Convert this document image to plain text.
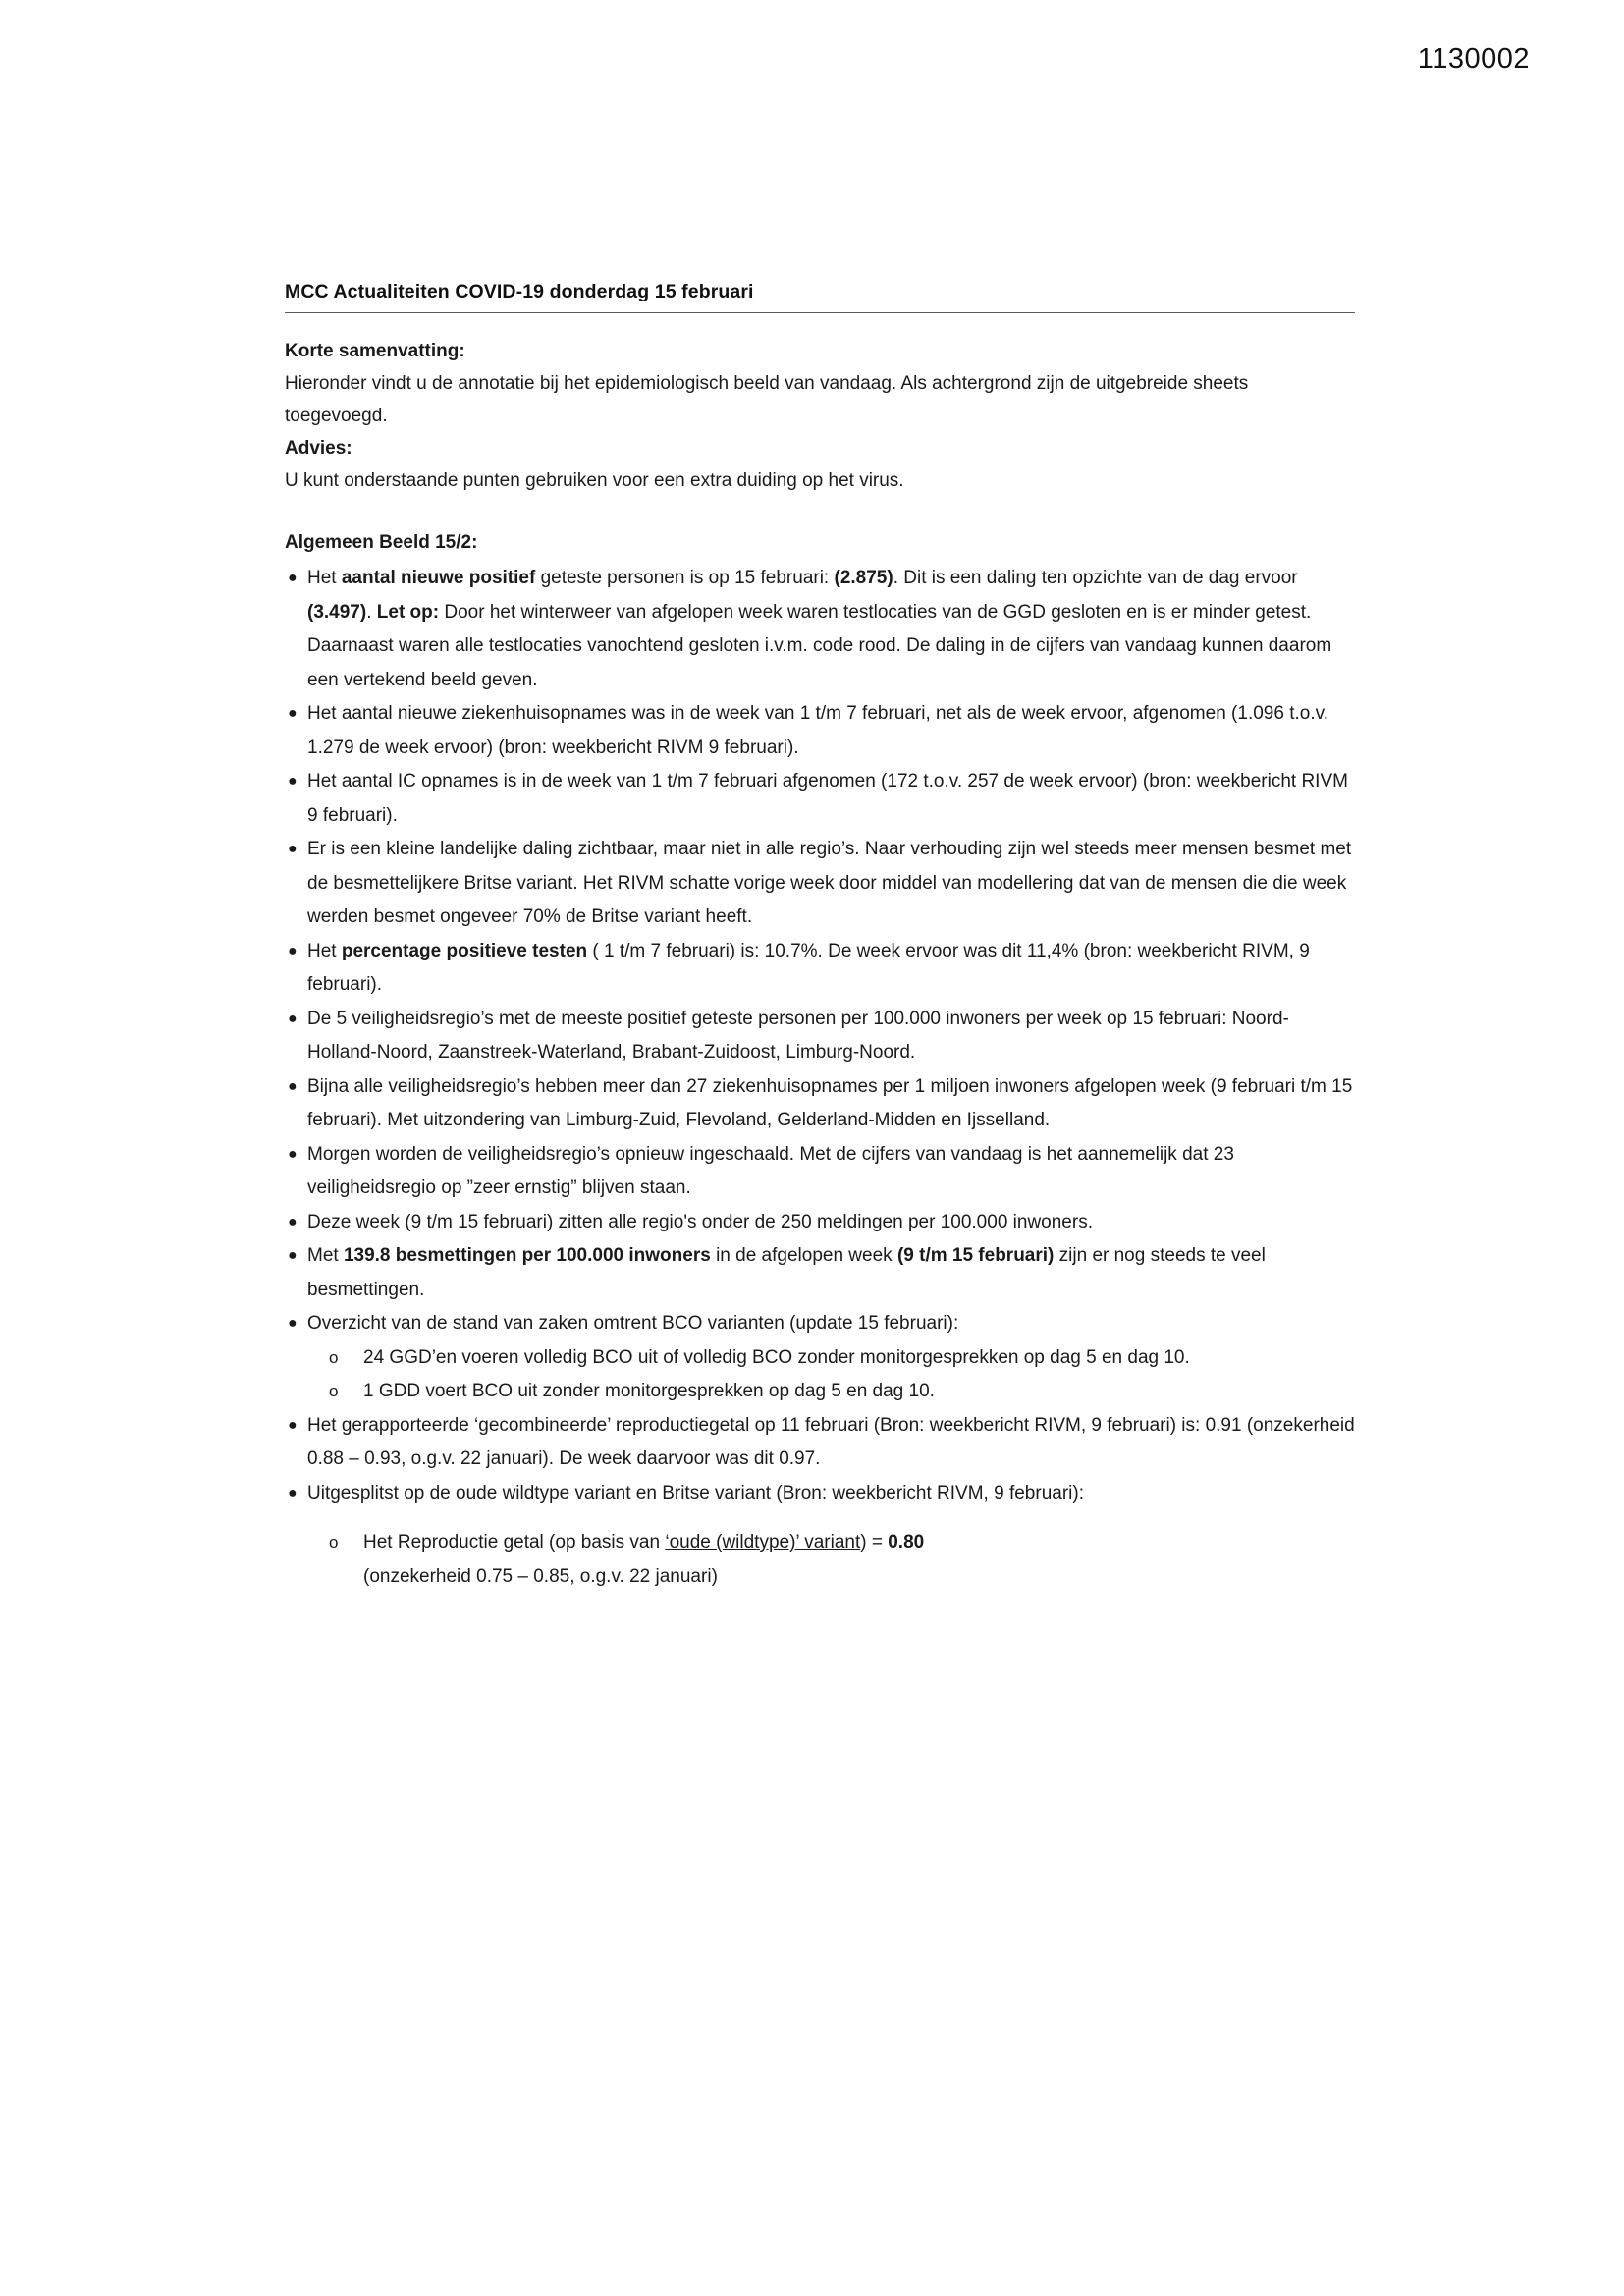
1130002
MCC Actualiteiten COVID-19 donderdag 15 februari
Korte samenvatting:

Hieronder vindt u de annotatie bij het epidemiologisch beeld van vandaag. Als achtergrond zijn de uitgebreide sheets toegevoegd.

Advies:

U kunt onderstaande punten gebruiken voor een extra duiding op het virus.

Algemeen Beeld 15/2:
● Het aantal nieuwe positief geteste personen is op 15 februari: (2.875). Dit is een daling ten opzichte van de dag ervoor (3.497). Let op: Door het winterweer van afgelopen week waren testlocaties van de GGD gesloten en is er minder getest. Daarnaast waren alle testlocaties vanochtend gesloten i.v.m. code rood. De daling in de cijfers van vandaag kunnen daarom een vertekend beeld geven.
● Het aantal nieuwe ziekenhuisopnames was in de week van 1 t/m 7 februari, net als de week ervoor, afgenomen (1.096 t.o.v. 1.279 de week ervoor) (bron: weekbericht RIVM 9 februari).
● Het aantal IC opnames is in de week van 1 t/m 7 februari afgenomen (172 t.o.v. 257 de week ervoor) (bron: weekbericht RIVM 9 februari).
● Er is een kleine landelijke daling zichtbaar, maar niet in alle regio’s. Naar verhouding zijn wel steeds meer mensen besmet met de besmettelijkere Britse variant. Het RIVM schatte vorige week door middel van modellering dat van de mensen die die week werden besmet ongeveer 70% de Britse variant heeft.
● Het percentage positieve testen ( 1 t/m 7 februari) is: 10.7%. De week ervoor was dit 11,4% (bron: weekbericht RIVM, 9 februari).
● De 5 veiligheidsregio’s met de meeste positief geteste personen per 100.000 inwoners per week op 15 februari: Noord-Holland-Noord, Zaanstreek-Waterland, Brabant-Zuidoost, Limburg-Noord.
● Bijna alle veiligheidsregio’s hebben meer dan 27 ziekenhuisopnames per 1 miljoen inwoners afgelopen week (9 februari t/m 15 februari). Met uitzondering van Limburg-Zuid, Flevoland, Gelderland-Midden en Ijsselland.
● Morgen worden de veiligheidsregio’s opnieuw ingeschaald. Met de cijfers van vandaag is het aannemelijk dat 23 veiligheidsregio op ”zeer ernstig” blijven staan.
● Deze week (9 t/m 15 februari) zitten alle regio's onder de 250 meldingen per 100.000 inwoners.
● Met 139.8 besmettingen per 100.000 inwoners in de afgelopen week (9 t/m 15 februari) zijn er nog steeds te veel besmettingen.
● Overzicht van de stand van zaken omtrent BCO varianten (update 15 februari):
o 24 GGD’en voeren volledig BCO uit of volledig BCO zonder monitorgesprekken op dag 5 en dag 10.
o 1 GDD voert BCO uit zonder monitorgesprekken op dag 5 en dag 10.
● Het gerapporteerde ‘gecombineerde’ reproductiegetal op 11 februari (Bron: weekbericht RIVM, 9 februari) is: 0.91 (onzekerheid 0.88 – 0.93, o.g.v. 22 januari). De week daarvoor was dit 0.97.
● Uitgesplitst op de oude wildtype variant en Britse variant (Bron: weekbericht RIVM, 9 februari):
o Het Reproductie getal (op basis van ‘oude (wildtype)’ variant) = 0.80
(onzekerheid 0.75 – 0.85, o.g.v. 22 januari)
